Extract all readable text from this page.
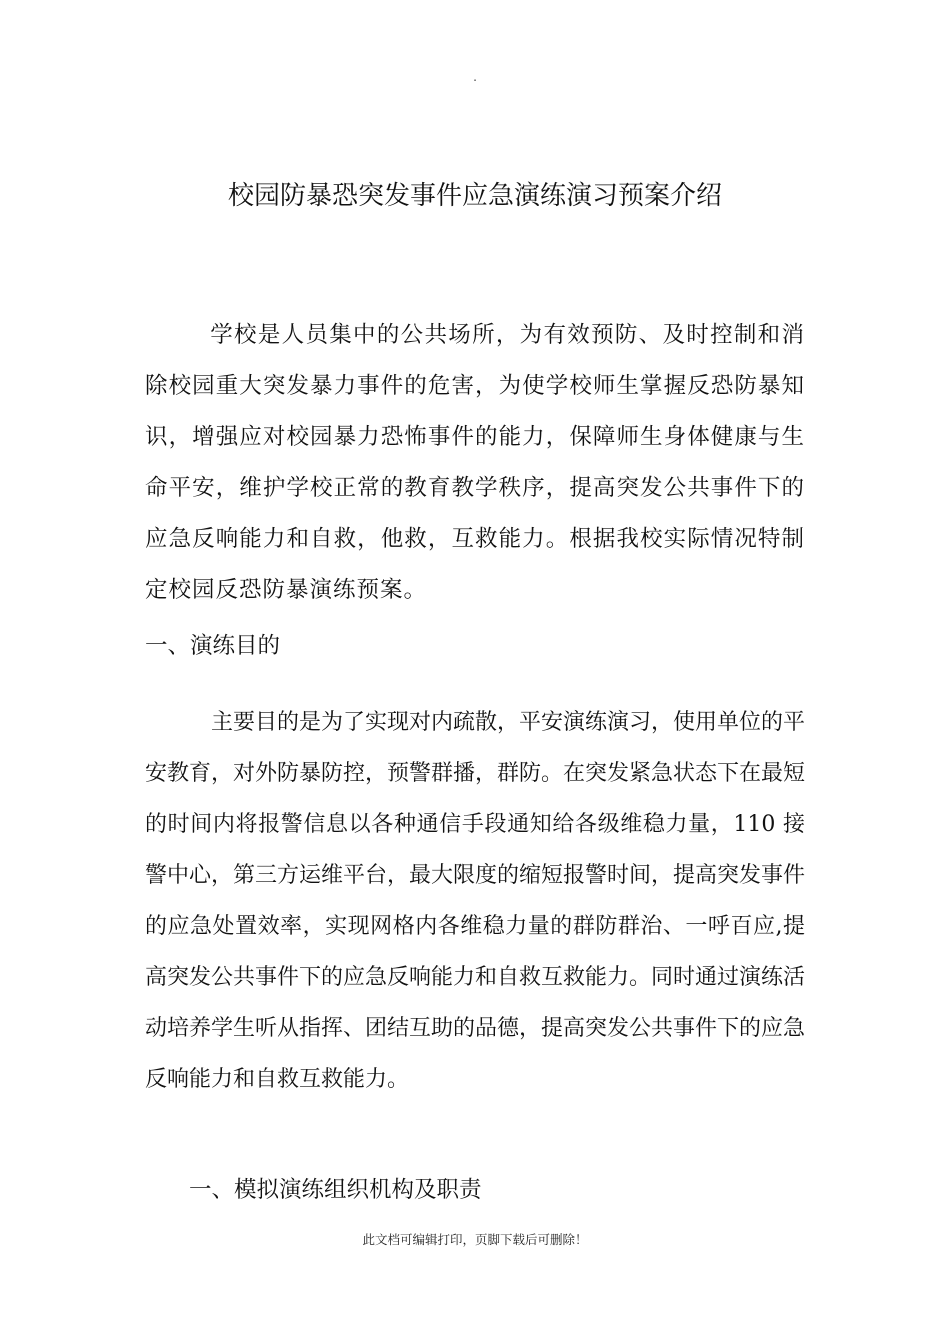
.
校园防暴恐突发事件应急演练演习预案介绍

学校是人员集中的公共场所，为有效预防、及时控制和消除校园重大突发暴力事件的危害，为使学校师生掌握反恐防暴知识，增强应对校园暴力恐怖事件的能力，保障师生身体健康与生命平安，维护学校正常的教育教学秩序，提高突发公共事件下的应急反响能力和自救，他救，互救能力。根据我校实际情况特制定校园反恐防暴演练预案。

一、演练目的

主要目的是为了实现对内疏散，平安演练演习，使用单位的平安教育，对外防暴防控，预警群播，群防。在突发紧急状态下在最短的时间内将报警信息以各种通信手段通知给各级维稳力量，110 接警中心，第三方运维平台，最大限度的缩短报警时间，提高突发事件的应急处置效率，实现网格内各维稳力量的群防群治、一呼百应,提高突发公共事件下的应急反响能力和自救互救能力。同时通过演练活动培养学生听从指挥、团结互助的品德，提高突发公共事件下的应急反响能力和自救互救能力。

一、模拟演练组织机构及职责
此文档可编辑打印，页脚下载后可删除！
